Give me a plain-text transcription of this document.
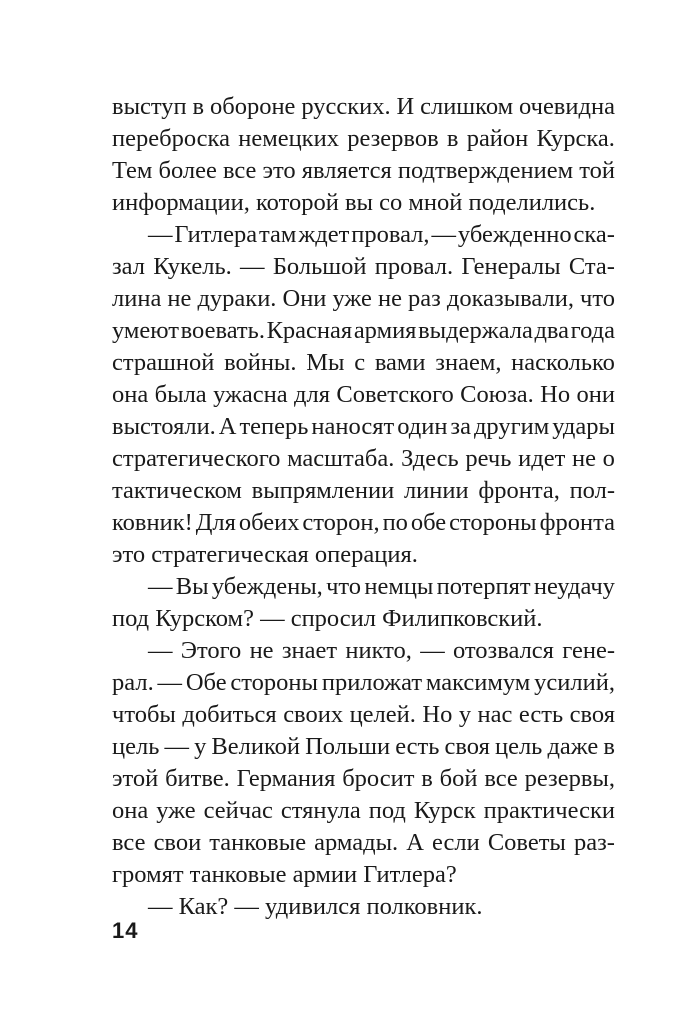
выступ в обороне русских. И слишком очевидна
переброска немецких резервов в район Курска.
Тем более все это является подтверждением той
информации, которой вы со мной поделились.
— Гитлера там ждет провал, — убежденно ска-
зал Кукель. — Большой провал. Генералы Ста-
лина не дураки. Они уже не раз доказывали, что
умеют воевать. Красная армия выдержала два года
страшной войны. Мы с вами знаем, насколько
она была ужасна для Советского Союза. Но они
выстояли. А теперь наносят один за другим удары
стратегического масштаба. Здесь речь идет не о
тактическом выпрямлении линии фронта, пол-
ковник! Для обеих сторон, по обе стороны фронта
это стратегическая операция.
— Вы убеждены, что немцы потерпят неудачу
под Курском? — спросил Филипковский.
— Этого не знает никто, — отозвался гене-
рал. — Обе стороны приложат максимум усилий,
чтобы добиться своих целей. Но у нас есть своя
цель — у Великой Польши есть своя цель даже в
этой битве. Германия бросит в бой все резервы,
она уже сейчас стянула под Курск практически
все свои танковые армады. А если Советы раз-
громят танковые армии Гитлера?
— Как? — удивился полковник.
14
